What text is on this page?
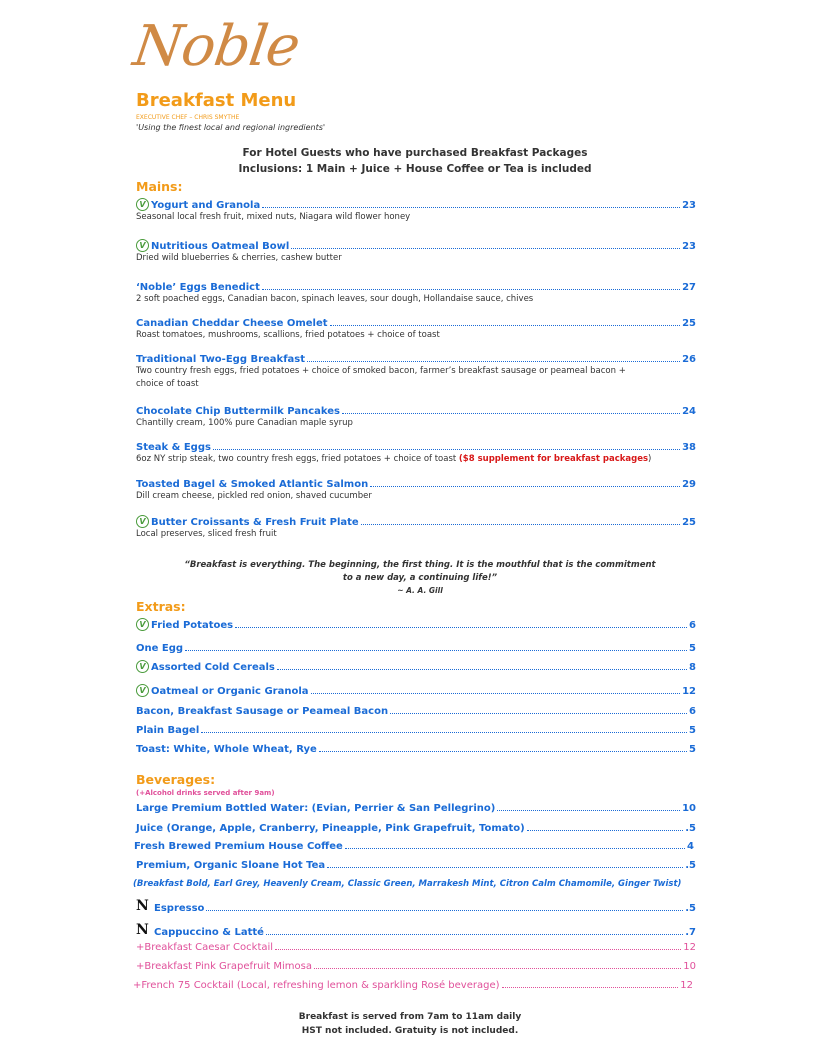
Noble
Breakfast Menu
EXECUTIVE CHEF – CHRIS SMYTHE
'Using the finest local and regional ingredients'
For Hotel Guests who have purchased Breakfast Packages
Inclusions: 1 Main + Juice + House Coffee or Tea is included
Mains:
V Yogurt and Granola	23
Seasonal local fresh fruit, mixed nuts, Niagara wild flower honey
V Nutritious Oatmeal Bowl	23
Dried wild blueberries & cherries, cashew butter
‘Noble’ Eggs Benedict	27
2 soft poached eggs, Canadian bacon, spinach leaves, sour dough, Hollandaise sauce, chives
Canadian Cheddar Cheese Omelet	25
Roast tomatoes, mushrooms, scallions, fried potatoes + choice of toast
Traditional Two-Egg Breakfast	26
Two country fresh eggs, fried potatoes + choice of smoked bacon, farmer’s breakfast sausage or peameal bacon +
choice of toast
Chocolate Chip Buttermilk Pancakes	24
Chantilly cream, 100% pure Canadian maple syrup
Steak & Eggs	38
6oz NY strip steak, two country fresh eggs, fried potatoes + choice of toast ($8 supplement for breakfast packages)
Toasted Bagel & Smoked Atlantic Salmon	29
Dill cream cheese, pickled red onion, shaved cucumber
V Butter Croissants & Fresh Fruit Plate	25
Local preserves, sliced fresh fruit
“Breakfast is everything. The beginning, the first thing. It is the mouthful that is the commitment
to a new day, a continuing life!”
~ A. A. Gill
Extras:
V Fried Potatoes	6
One Egg	5
V Assorted Cold Cereals	8
V Oatmeal or Organic Granola	12
Bacon, Breakfast Sausage or Peameal Bacon	6
Plain Bagel	5
Toast: White, Whole Wheat, Rye	5
Beverages:
(+Alcohol drinks served after 9am)
Large Premium Bottled Water: (Evian, Perrier & San Pellegrino)	10
Juice (Orange, Apple, Cranberry, Pineapple, Pink Grapefruit, Tomato)	.5
Fresh Brewed Premium House Coffee	4
Premium, Organic Sloane Hot Tea	.5
(Breakfast Bold, Earl Grey, Heavenly Cream, Classic Green, Marrakesh Mint, Citron Calm Chamomile, Ginger Twist)
N Espresso	.5
N Cappuccino & Latté	.7
+Breakfast Caesar Cocktail	12
+Breakfast Pink Grapefruit Mimosa	10
+French 75 Cocktail (Local, refreshing lemon & sparkling Rosé beverage)	12
Breakfast is served from 7am to 11am daily
HST not included. Gratuity is not included.
